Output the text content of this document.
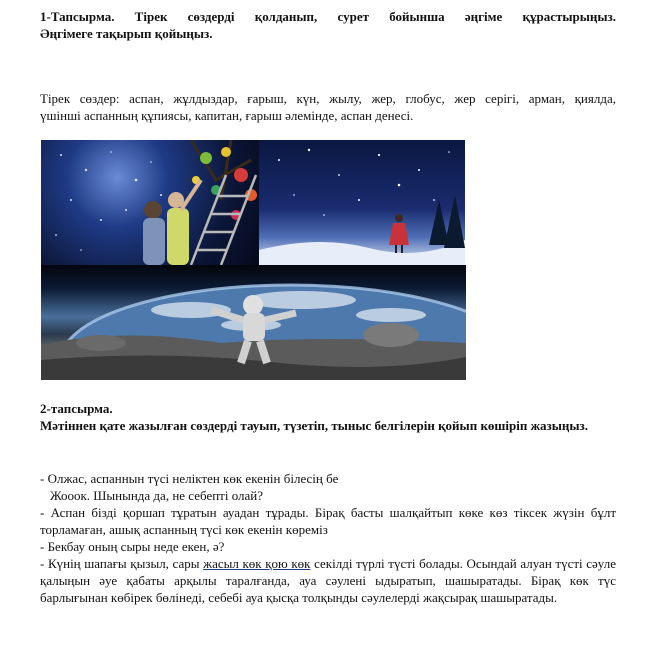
1-Тапсырма. Тірек сөздерді қолданып, сурет бойынша әңгіме құрастырыңыз.
Әңгімеге тақырып қойыңыз.
Тірек сөздер: аспан, жұлдыздар, ғарыш, күн, жылу, жер, глобус, жер серігі, арман, қиялда,
үшінші аспанның құпиясы, капитан, ғарыш әлемінде, аспан денесі.
2-тапсырма.
Мәтіннен қате жазылған сөздерді тауып, түзетіп, тыныс белгілерін қойып көшіріп жазыңыз.
- Олжас, аспаннын түсі неліктен көк екенін білесің бе
Жооок. Шынында да, не себепті олай?
- Аспан бізді қоршап тұратын ауадан тұрады. Бірақ басты шалқайтып көке көз тіксек жүзін бұлт торламаған, ашық аспанның түсі көк екенін көреміз
- Бекбау оның сыры неде екен, ә?
- Күнің шапағы қызыл, сары жасыл көк қою көк секілді түрлі түсті болады. Осындай алуан түсті сәуле қалыңын әуе қабаты арқылы таралғанда, ауа сәулені ыдыратып, шашыратады. Бірақ көк түс барлығынан көбірек бөлінеді, себебі ауа қысқа толқынды сәулелерді жақсырақ шашыратады.
